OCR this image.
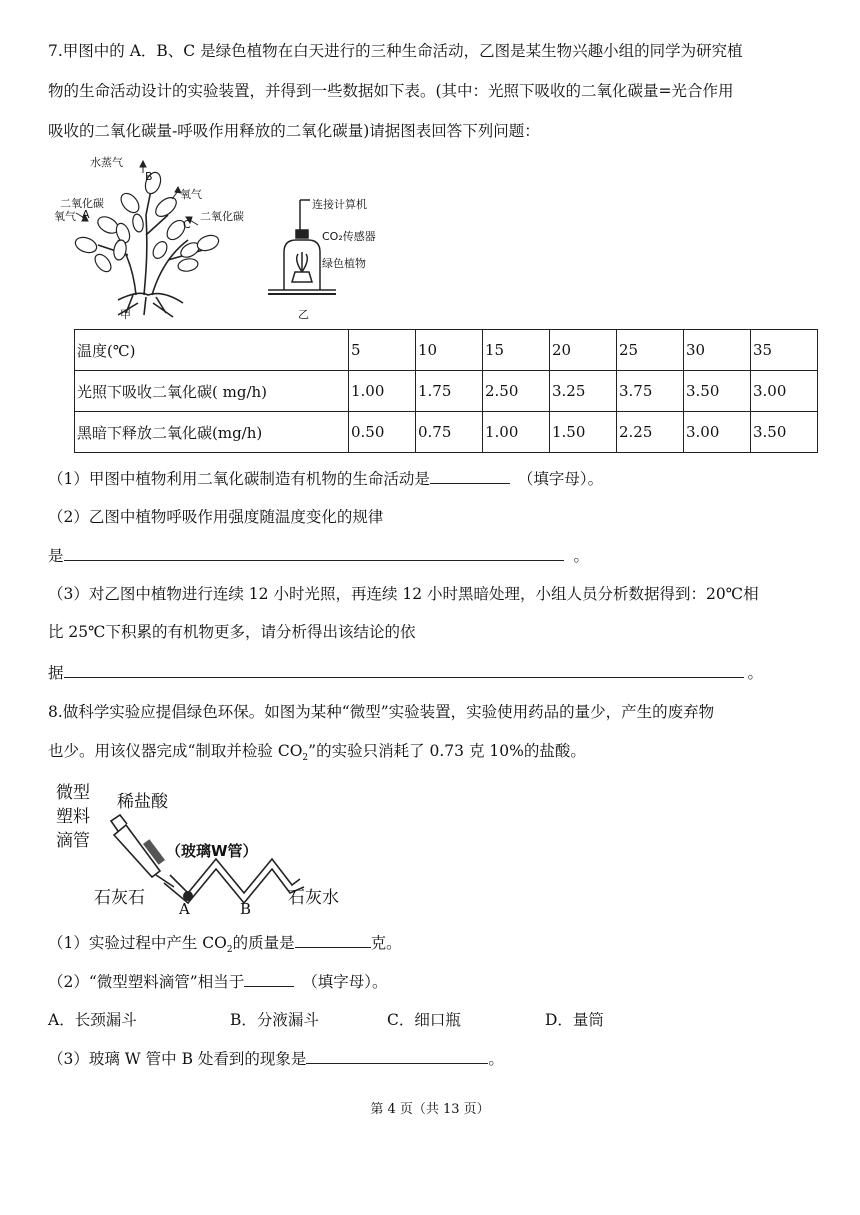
7.甲图中的 A．B、C 是绿色植物在白天进行的三种生命活动，乙图是某生物兴趣小组的同学为研究植
物的生命活动设计的实验装置，并得到一些数据如下表。(其中：光照下吸收的二氧化碳量=光合作用
吸收的二氧化碳量-呼吸作用释放的二氧化碳量)请据图表回答下列问题：
水蒸气
B
氧气
二氧化碳
氧气 A
C
二氧化碳
甲
连接计算机
CO₂传感器
绿色植物
乙
温度(℃)	5	10	15	20	25	30	35
光照下吸收二氧化碳( mg/h)	1.00	1.75	2.50	3.25	3.75	3.50	3.00
黑暗下释放二氧化碳(mg/h)	0.50	0.75	1.00	1.50	2.25	3.00	3.50
（1）甲图中植物利用二氧化碳制造有机物的生命活动是	（填字母）。
（2）乙图中植物呼吸作用强度随温度变化的规律
是	。
（3）对乙图中植物进行连续 12 小时光照，再连续 12 小时黑暗处理，小组人员分析数据得到：20℃相
比 25℃下积累的有机物更多，请分析得出该结论的依
据	。
8.做科学实验应提倡绿色环保。如图为某种“微型”实验装置，实验使用药品的量少，产生的废弃物
也少。用该仪器完成“制取并检验 $CO_2$”的实验只消耗了 0.73 克 10%的盐酸。
微型
塑料
滴管
稀盐酸
（玻璃W管）
石灰石	石灰水
A	B
（1）实验过程中产生 $CO_2$的质量是	克。
（2）“微型塑料滴管”相当于	（填字母）。
A．长颈漏斗	B．分液漏斗	C．细口瓶	D．量筒
（3）玻璃 W 管中 B 处看到的现象是	。
第 4 页（共 13 页）
